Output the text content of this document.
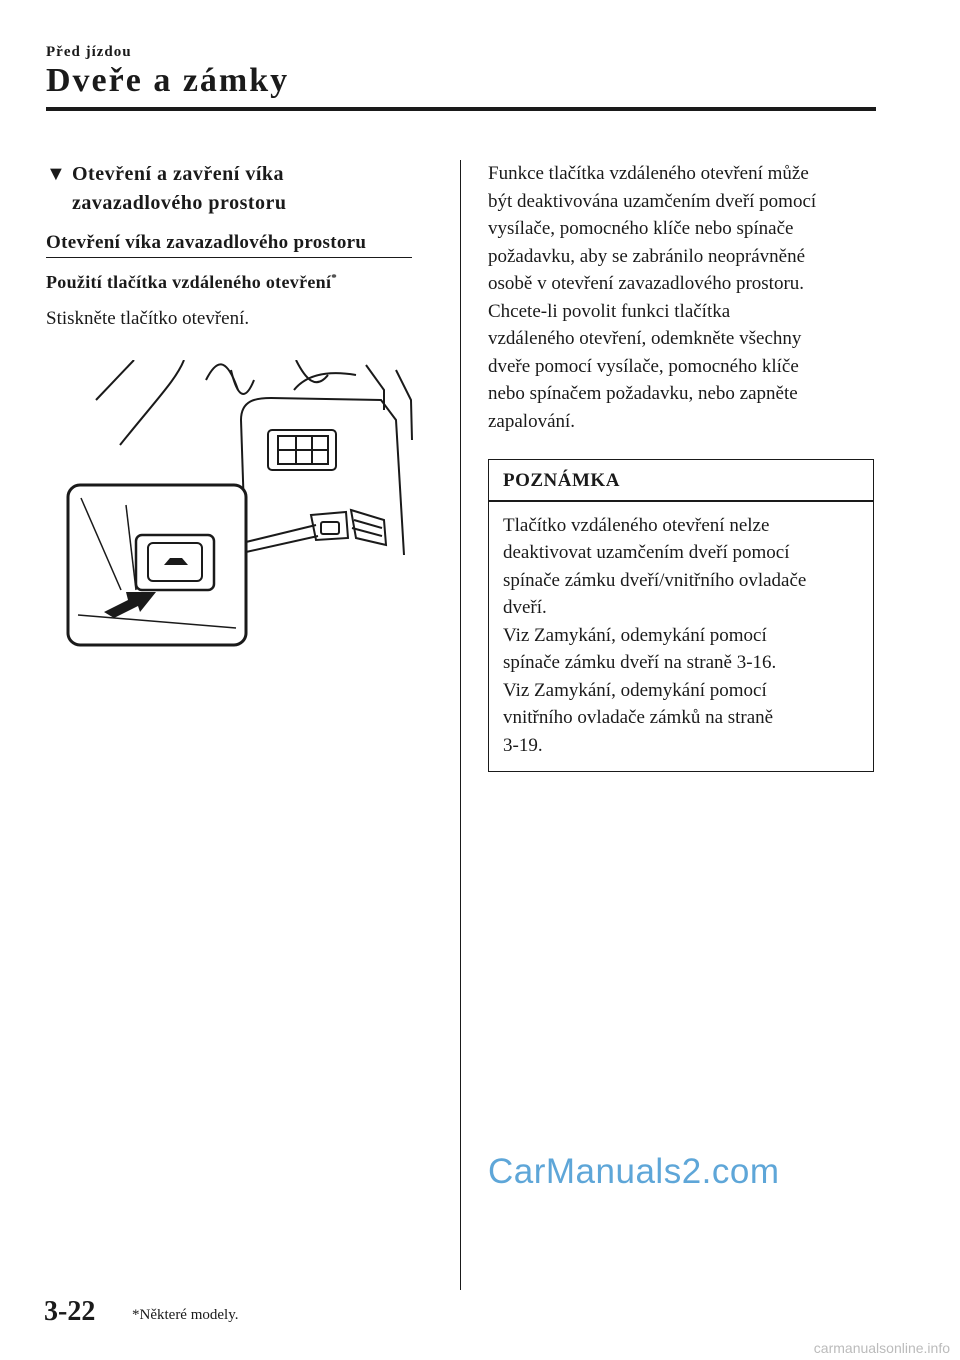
Před jízdou
Dveře a zámky
▼ Otevření a zavření víka
zavazadlového prostoru
Otevření víka zavazadlového prostoru
Použití tlačítka vzdáleného otevření*
Stiskněte tlačítko otevření.
Funkce tlačítka vzdáleného otevření může
být deaktivována uzamčením dveří pomocí
vysílače, pomocného klíče nebo spínače
požadavku, aby se zabránilo neoprávněné
osobě v otevření zavazadlového prostoru.
Chcete-li povolit funkci tlačítka
vzdáleného otevření, odemkněte všechny
dveře pomocí vysílače, pomocného klíče
nebo spínačem požadavku, nebo zapněte
zapalování.
POZNÁMKA
Tlačítko vzdáleného otevření nelze
deaktivovat uzamčením dveří pomocí
spínače zámku dveří/vnitřního ovladače
dveří.
Viz Zamykání, odemykání pomocí
spínače zámku dveří na straně 3-16.
Viz Zamykání, odemykání pomocí
vnitřního ovladače zámků na straně
3-19.
CarManuals2.com
3-22 *Některé modely.
carmanualsonline.info
